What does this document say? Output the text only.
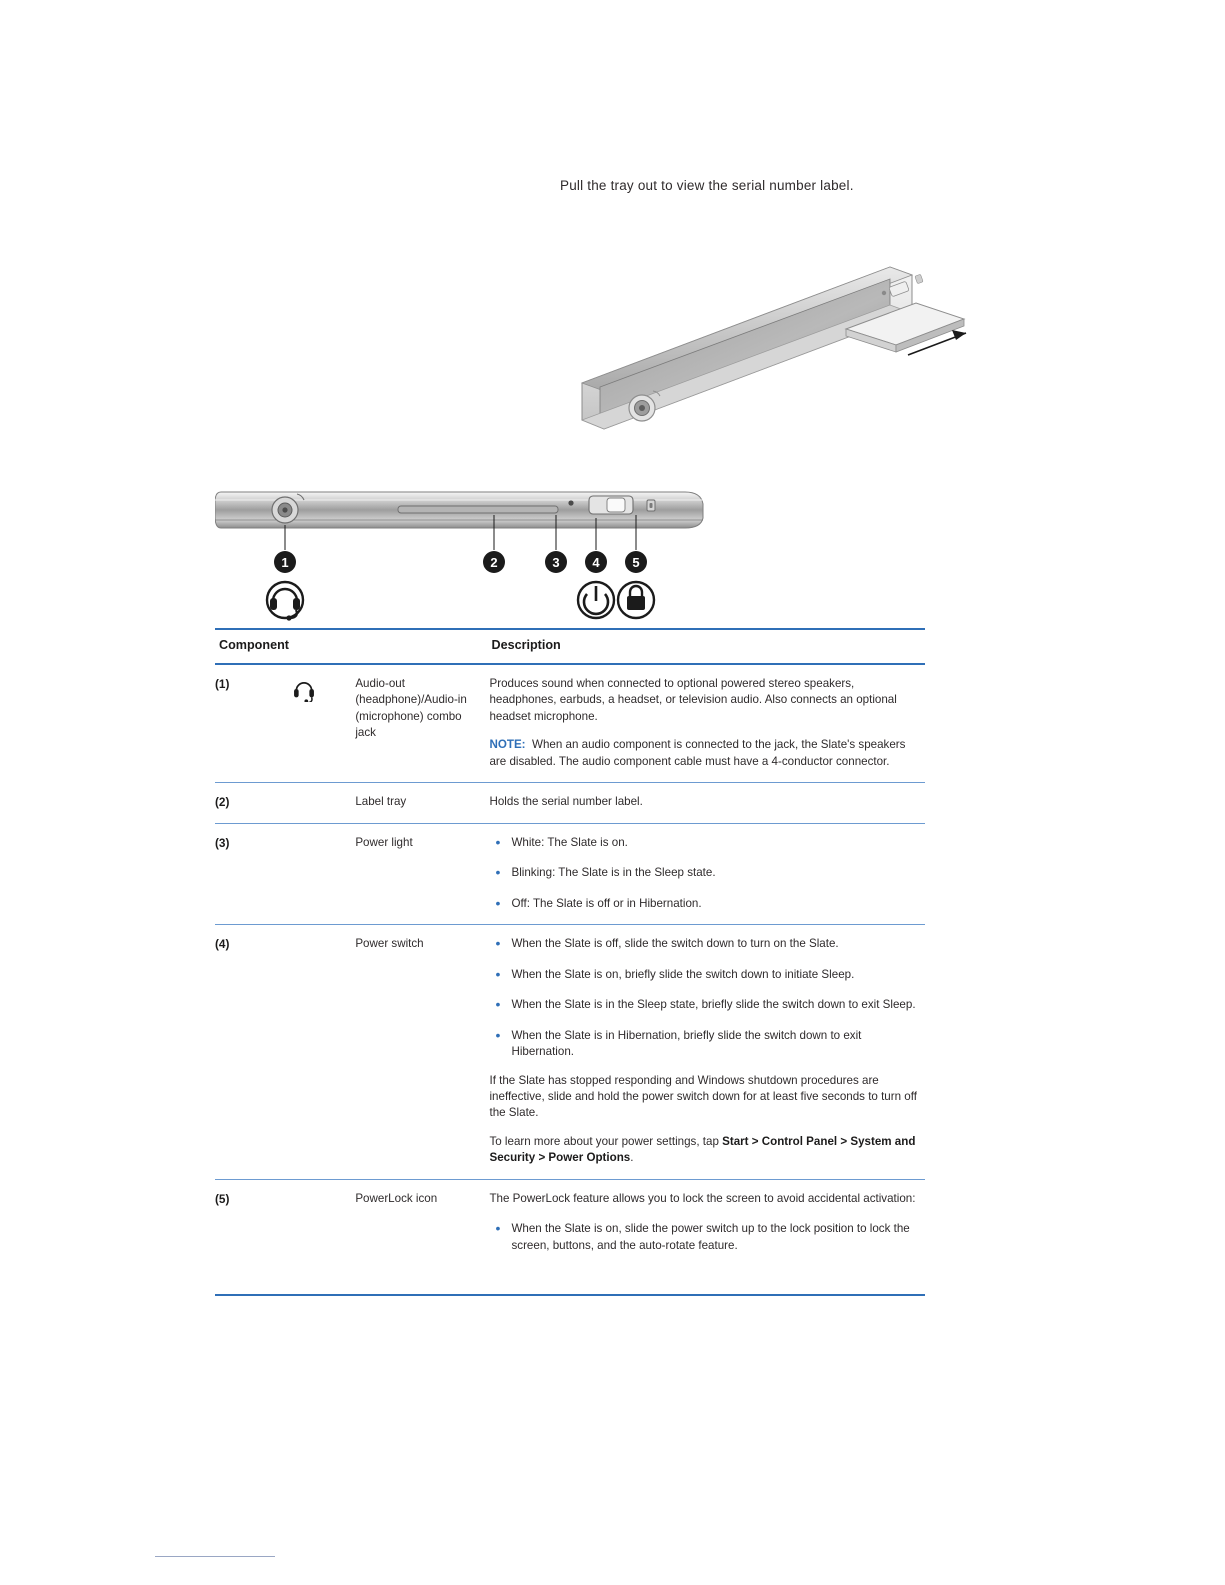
Pull the tray out to view the serial number label.
1	2	3	4	5

Component			Description
(1)		Audio-out (headphone)/Audio-in (microphone) combo jack	Produces sound when connected to optional powered stereo speakers, headphones, earbuds, a headset, or television audio. Also connects an optional headset microphone.

NOTE: When an audio component is connected to the jack, the Slate's speakers are disabled. The audio component cable must have a 4-conductor connector.

(2)		Label tray	Holds the serial number label.
(3)		Power light	
•White: The Slate is on.
• Blinking: The Slate is in the Sleep state.
• Off: The Slate is off or in Hibernation.

(4)		Power switch	
•When the Slate is off, slide the switch down to turn on the Slate.
• When the Slate is on, briefly slide the switch down to initiate Sleep.
• When the Slate is in the Sleep state, briefly slide the switch down to exit Sleep.
• When the Slate is in Hibernation, briefly slide the switch down to exit Hibernation.

If the Slate has stopped responding and Windows shutdown procedures are ineffective, slide and hold the power switch down for at least five seconds to turn off the Slate.

To learn more about your power settings, tap Start > Control Panel > System and Security > Power Options.

(5)		PowerLock icon	The PowerLock feature allows you to lock the screen to avoid accidental activation:
• When the Slate is on, slide the power switch up to the lock position to lock the screen, buttons, and the auto-rotate feature.
